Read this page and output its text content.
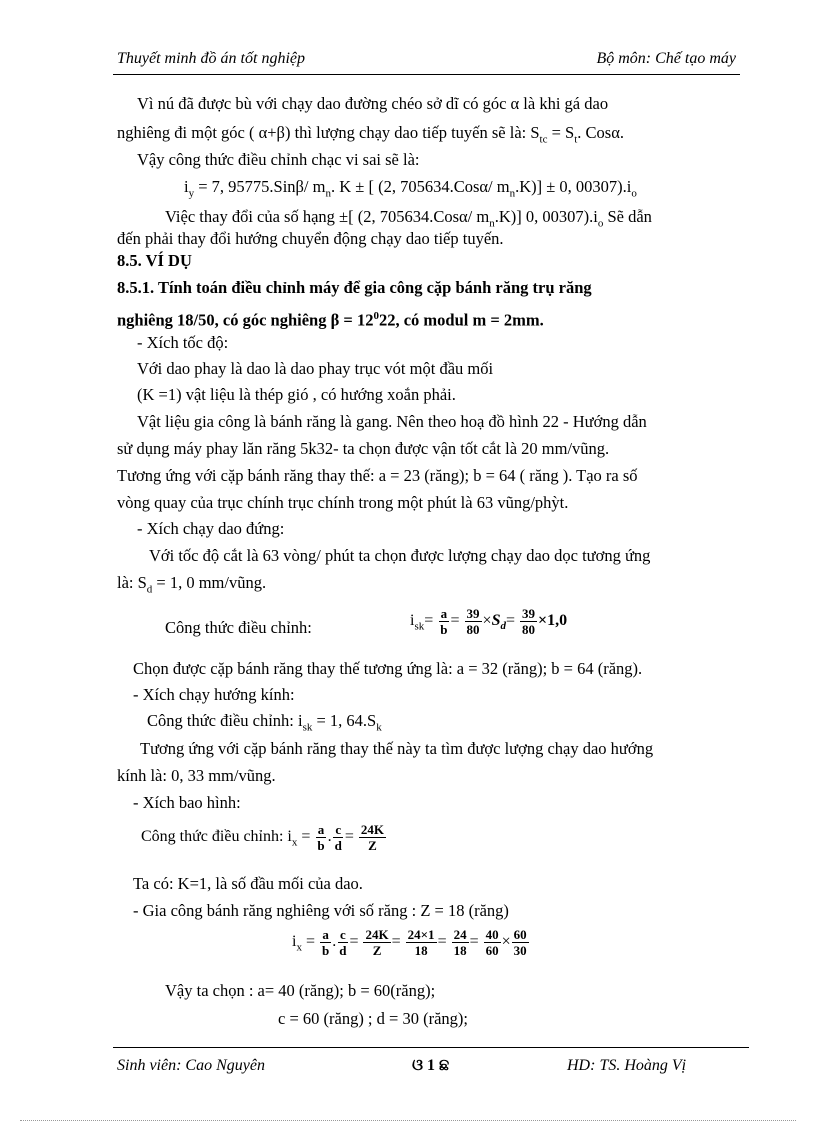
Thuyết minh đồ án tốt nghiệp	Bộ môn: Chế tạo máy
Vì nú đã được bù với chạy dao đường chéo sở dĩ có góc α là khi gá dao
nghiêng đi một góc ( α+β) thì lượng chạy dao tiếp tuyến sẽ là: $S_{tc} = S_t$. Cosα.
Vậy công thức điều chỉnh chạc vi sai sẽ là:
$i_y = 7$, 95775.Sinβ/ $m_n$. K ± [ (2, 705634.Cosα/ $m_n.K)] \pm 0$, $00307).i_o$
Việc thay đổi của số hạng ±[ (2, 705634.Cosα/ $m_n.K$)] 0, $00307).i_o$ Sẽ dẫn
đến phải thay đổi hướng chuyển động chạy dao tiếp tuyến.
8.5. VÍ DỤ
8.5.1. Tính toán điều chỉnh máy để gia công cặp bánh răng trụ răng
nghiêng 18/50, có góc nghiêng $\beta = 12^022$, có modul m = 2mm.
- Xích tốc độ:
Với dao phay là dao là dao phay trục vót một đầu mối
(K =1) vật liệu là thép gió , có hướng xoắn phải.
Vật liệu gia công là bánh răng là gang. Nên theo hoạ đồ hình 22 - Hướng dẫn
sử dụng máy phay lăn răng 5k32- ta chọn được vận tốt cắt là 20 mm/vũng.
Tương ứng với cặp bánh răng thay thế: a = 23 (răng); b = 64 ( răng ). Tạo ra số
vòng quay của trục chính trục chính trong một phút là 63 vũng/phỳt.
- Xích chạy dao đứng:
Với tốc độ cắt là 63 vòng/ phút ta chọn được lượng chạy dao dọc tương ứng
là: $S_d = 1$, 0 mm/vũng.
Công thức điều chỉnh:	$i_{sk}= \frac{a}{b} = \frac{39}{80} \times S_d= \frac{39}{80} \times 1,0$
Chọn được cặp bánh răng thay thế tương ứng là: a = 32 (răng); b = 64 (răng).
- Xích chạy hướng kính:
Công thức điều chỉnh: $i_{sk} = 1$, $64.S_k$
Tương ứng với cặp bánh răng thay thế này ta tìm được lượng chạy dao hướng
kính là: 0, 33 mm/vũng.
- Xích bao hình:
Công thức điều chỉnh: $i_x = \frac{a}{b}$ . $\frac{c}{d} = \frac{24K}{Z}$
Ta có: K=1, là số đầu mối của dao.
- Gia công bánh răng nghiêng với số răng : Z = 18 (răng)
$i_x = \frac{a}{b}$ . $\frac{c}{d} = \frac{24K}{Z} = \frac{24\times 1}{18} = \frac{24}{18} = \frac{40}{60} \times \frac{60}{30}$
Vậy ta chọn : a= 40 (răng); b = 60(răng);
c = 60 (răng) ; d = 30 (răng);
Sinh viên: Cao Nguyên	ଓ 1 ଛ	HD: TS. Hoàng Vị
